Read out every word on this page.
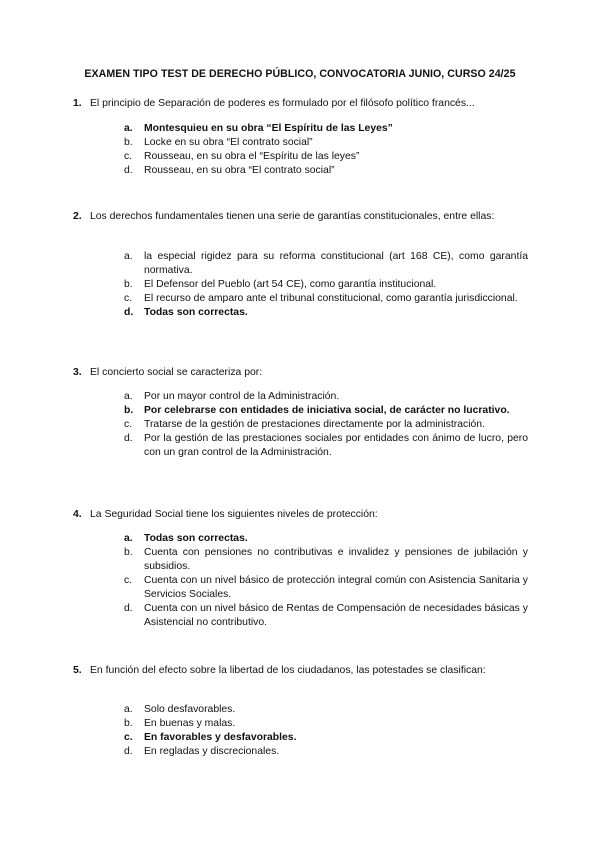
EXAMEN TIPO TEST DE DERECHO PÚBLICO, CONVOCATORIA JUNIO, CURSO 24/25
1. El principio de Separación de poderes es formulado por el filósofo político francés...
a. Montesquieu en su obra “El Espíritu de las Leyes”
b. Locke en su obra “El contrato social”
c. Rousseau, en su obra el “Espíritu de las leyes”
d. Rousseau, en su obra “El contrato social”
2. Los derechos fundamentales tienen una serie de garantías constitucionales, entre ellas:
a. la especial rigidez para su reforma constitucional (art 168 CE), como garantía normativa.
b. El Defensor del Pueblo (art 54 CE), como garantía institucional.
c. El recurso de amparo ante el tribunal constitucional, como garantía jurisdiccional.
d. Todas son correctas.
3. El concierto social se caracteriza por:
a. Por un mayor control de la Administración.
b. Por celebrarse con entidades de iniciativa social, de carácter no lucrativo.
c. Tratarse de la gestión de prestaciones directamente por la administración.
d. Por la gestión de las prestaciones sociales por entidades con ánimo de lucro, pero con un gran control de la Administración.
4. La Seguridad Social tiene los siguientes niveles de protección:
a. Todas son correctas.
b. Cuenta con pensiones no contributivas e invalidez y pensiones de jubilación y subsidios.
c. Cuenta con un nivel básico de protección integral común con Asistencia Sanitaria y Servicios Sociales.
d. Cuenta con un nivel básico de Rentas de Compensación de necesidades básicas y Asistencial no contributivo.
5. En función del efecto sobre la libertad de los ciudadanos, las potestades se clasifican:
a. Solo desfavorables.
b. En buenas y malas.
c. En favorables y desfavorables.
d. En regladas y discrecionales.
